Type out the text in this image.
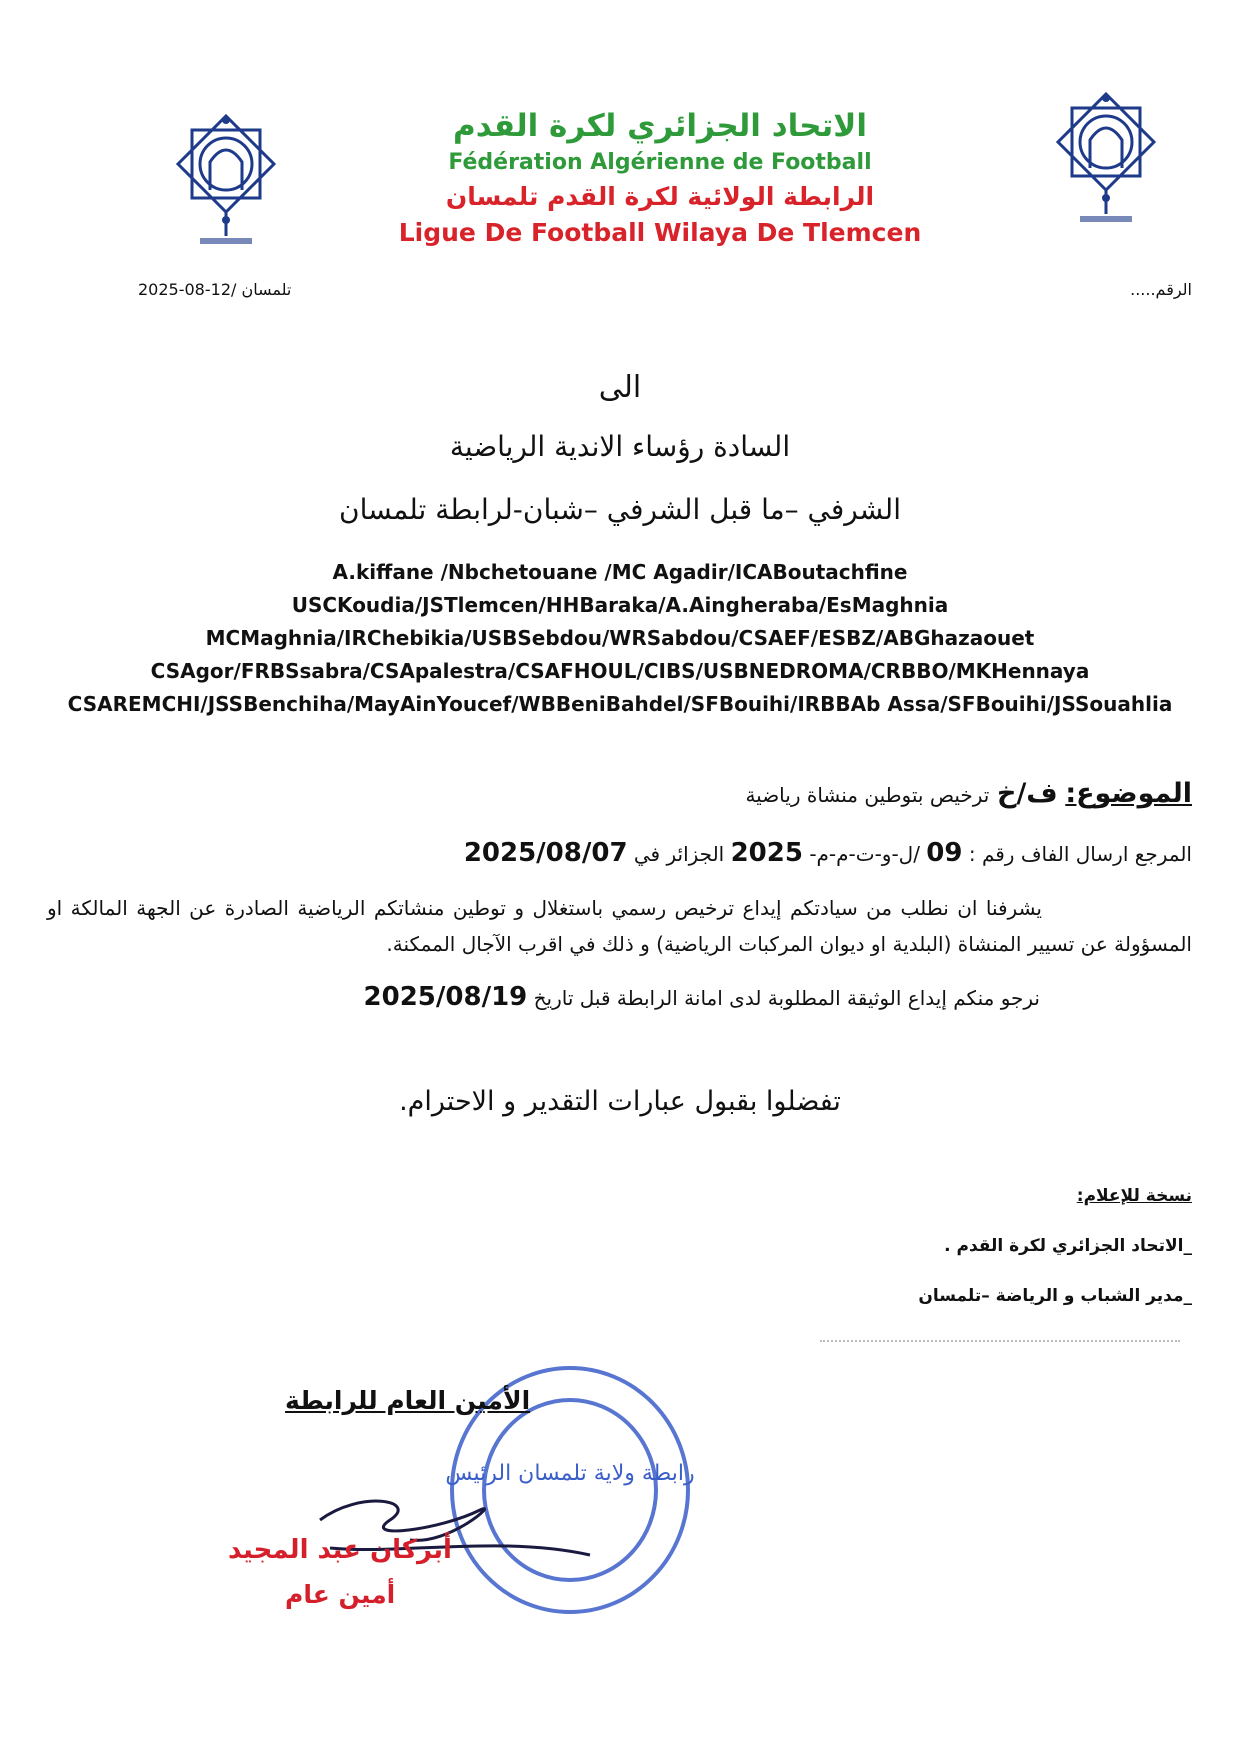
الاتحاد الجزائري لكرة القدم
Fédération Algérienne de Football
الرابطة الولائية لكرة القدم تلمسان
Ligue De Football Wilaya De Tlemcen
الرقم.....
تلمسان /12-08-2025
الى
السادة رؤساء الاندية الرياضية
الشرفي –ما قبل الشرفي –شبان-لرابطة تلمسان
A.kiffane /Nbchetouane /MC Agadir/ICABoutachfine
USCKoudia/JSTlemcen/HHBaraka/A.Aingheraba/EsMaghnia
MCMaghnia/IRChebikia/USBSebdou/WRSabdou/CSAEF/ESBZ/ABGhazaouet
CSAgor/FRBSsabra/CSApalestra/CSAFHOUL/CIBS/USBNEDROMA/CRBBO/MKHennaya
CSAREMCHI/JSSBenchiha/MayAinYoucef/WBBeniBahdel/SFBouihi/IRBBAb Assa/SFBouihi/JSSouahlia
الموضوع: ف/خ ترخيص بتوطين منشاة رياضية
المرجع ارسال الفاف رقم : 09 /ل-و-ت-م-م- 2025 الجزائر في 2025/08/07
يشرفنا ان نطلب من سيادتكم إيداع ترخيص رسمي باستغلال و توطين منشاتكم الرياضية الصادرة عن الجهة المالكة او المسؤولة عن تسيير المنشاة (البلدية او ديوان المركبات الرياضية) و ذلك في اقرب الآجال الممكنة.
نرجو منكم إيداع الوثيقة المطلوبة لدى امانة الرابطة قبل تاريخ 2025/08/19
تفضلوا بقبول عبارات التقدير و الاحترام.
نسخة للإعلام:
_الاتحاد الجزائري لكرة القدم .
_مدير الشباب و الرياضة –تلمسان
رابطة ولاية تلمسان الرئيس
الأمين العام للرابطة
أبركان عبد المجيد
أمين عام
